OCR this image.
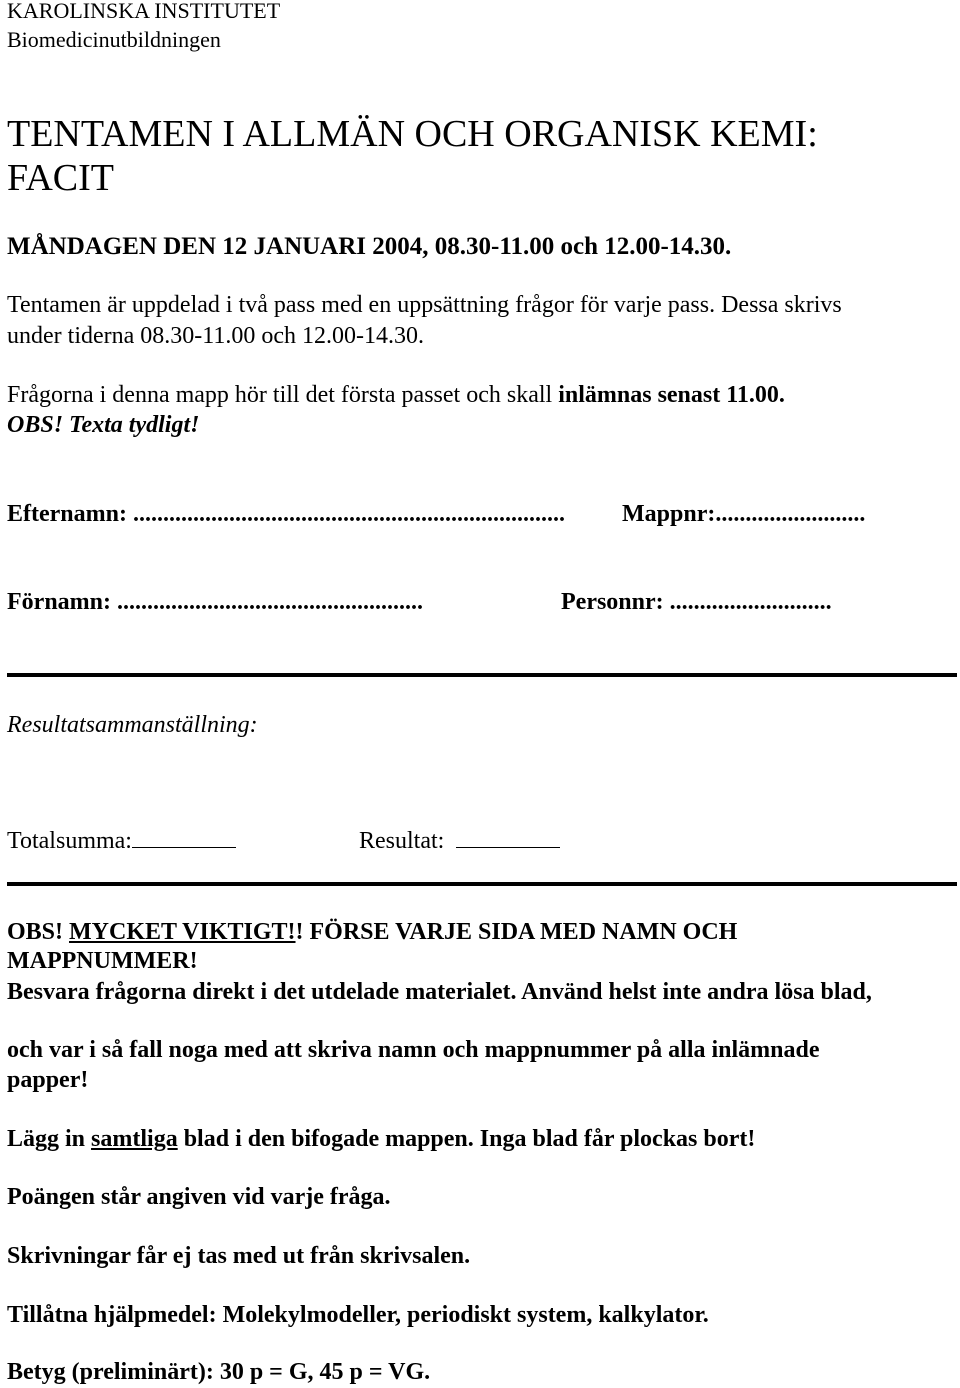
KAROLINSKA INSTITUTET
Biomedicinutbildningen
TENTAMEN I ALLMÄN OCH ORGANISK KEMI:
FACIT
MÅNDAGEN DEN 12 JANUARI 2004, 08.30-11.00 och 12.00-14.30.
Tentamen är uppdelad i två pass med en uppsättning frågor för varje pass. Dessa skrivs
under tiderna 08.30-11.00 och 12.00-14.30.
Frågorna i denna mapp hör till det första passet och skall inlämnas senast 11.00.
OBS! Texta tydligt!
Efternamn: ........................................................................ Mappnr:.........................
Förnamn: ...................................................	Personnr: ...........................
Resultatsammanställning:
Totalsumma:	Resultat:
OBS! MYCKET VIKTIGT!! FÖRSE VARJE SIDA MED NAMN OCH
MAPPNUMMER!
Besvara frågorna direkt i det utdelade materialet. Använd helst inte andra lösa blad,
och var i så fall noga med att skriva namn och mappnummer på alla inlämnade
papper!
Lägg in samtliga blad i den bifogade mappen. Inga blad får plockas bort!
Poängen står angiven vid varje fråga.
Skrivningar får ej tas med ut från skrivsalen.
Tillåtna hjälpmedel: Molekylmodeller, periodiskt system, kalkylator.
Betyg (preliminärt): 30 p = G, 45 p = VG.
